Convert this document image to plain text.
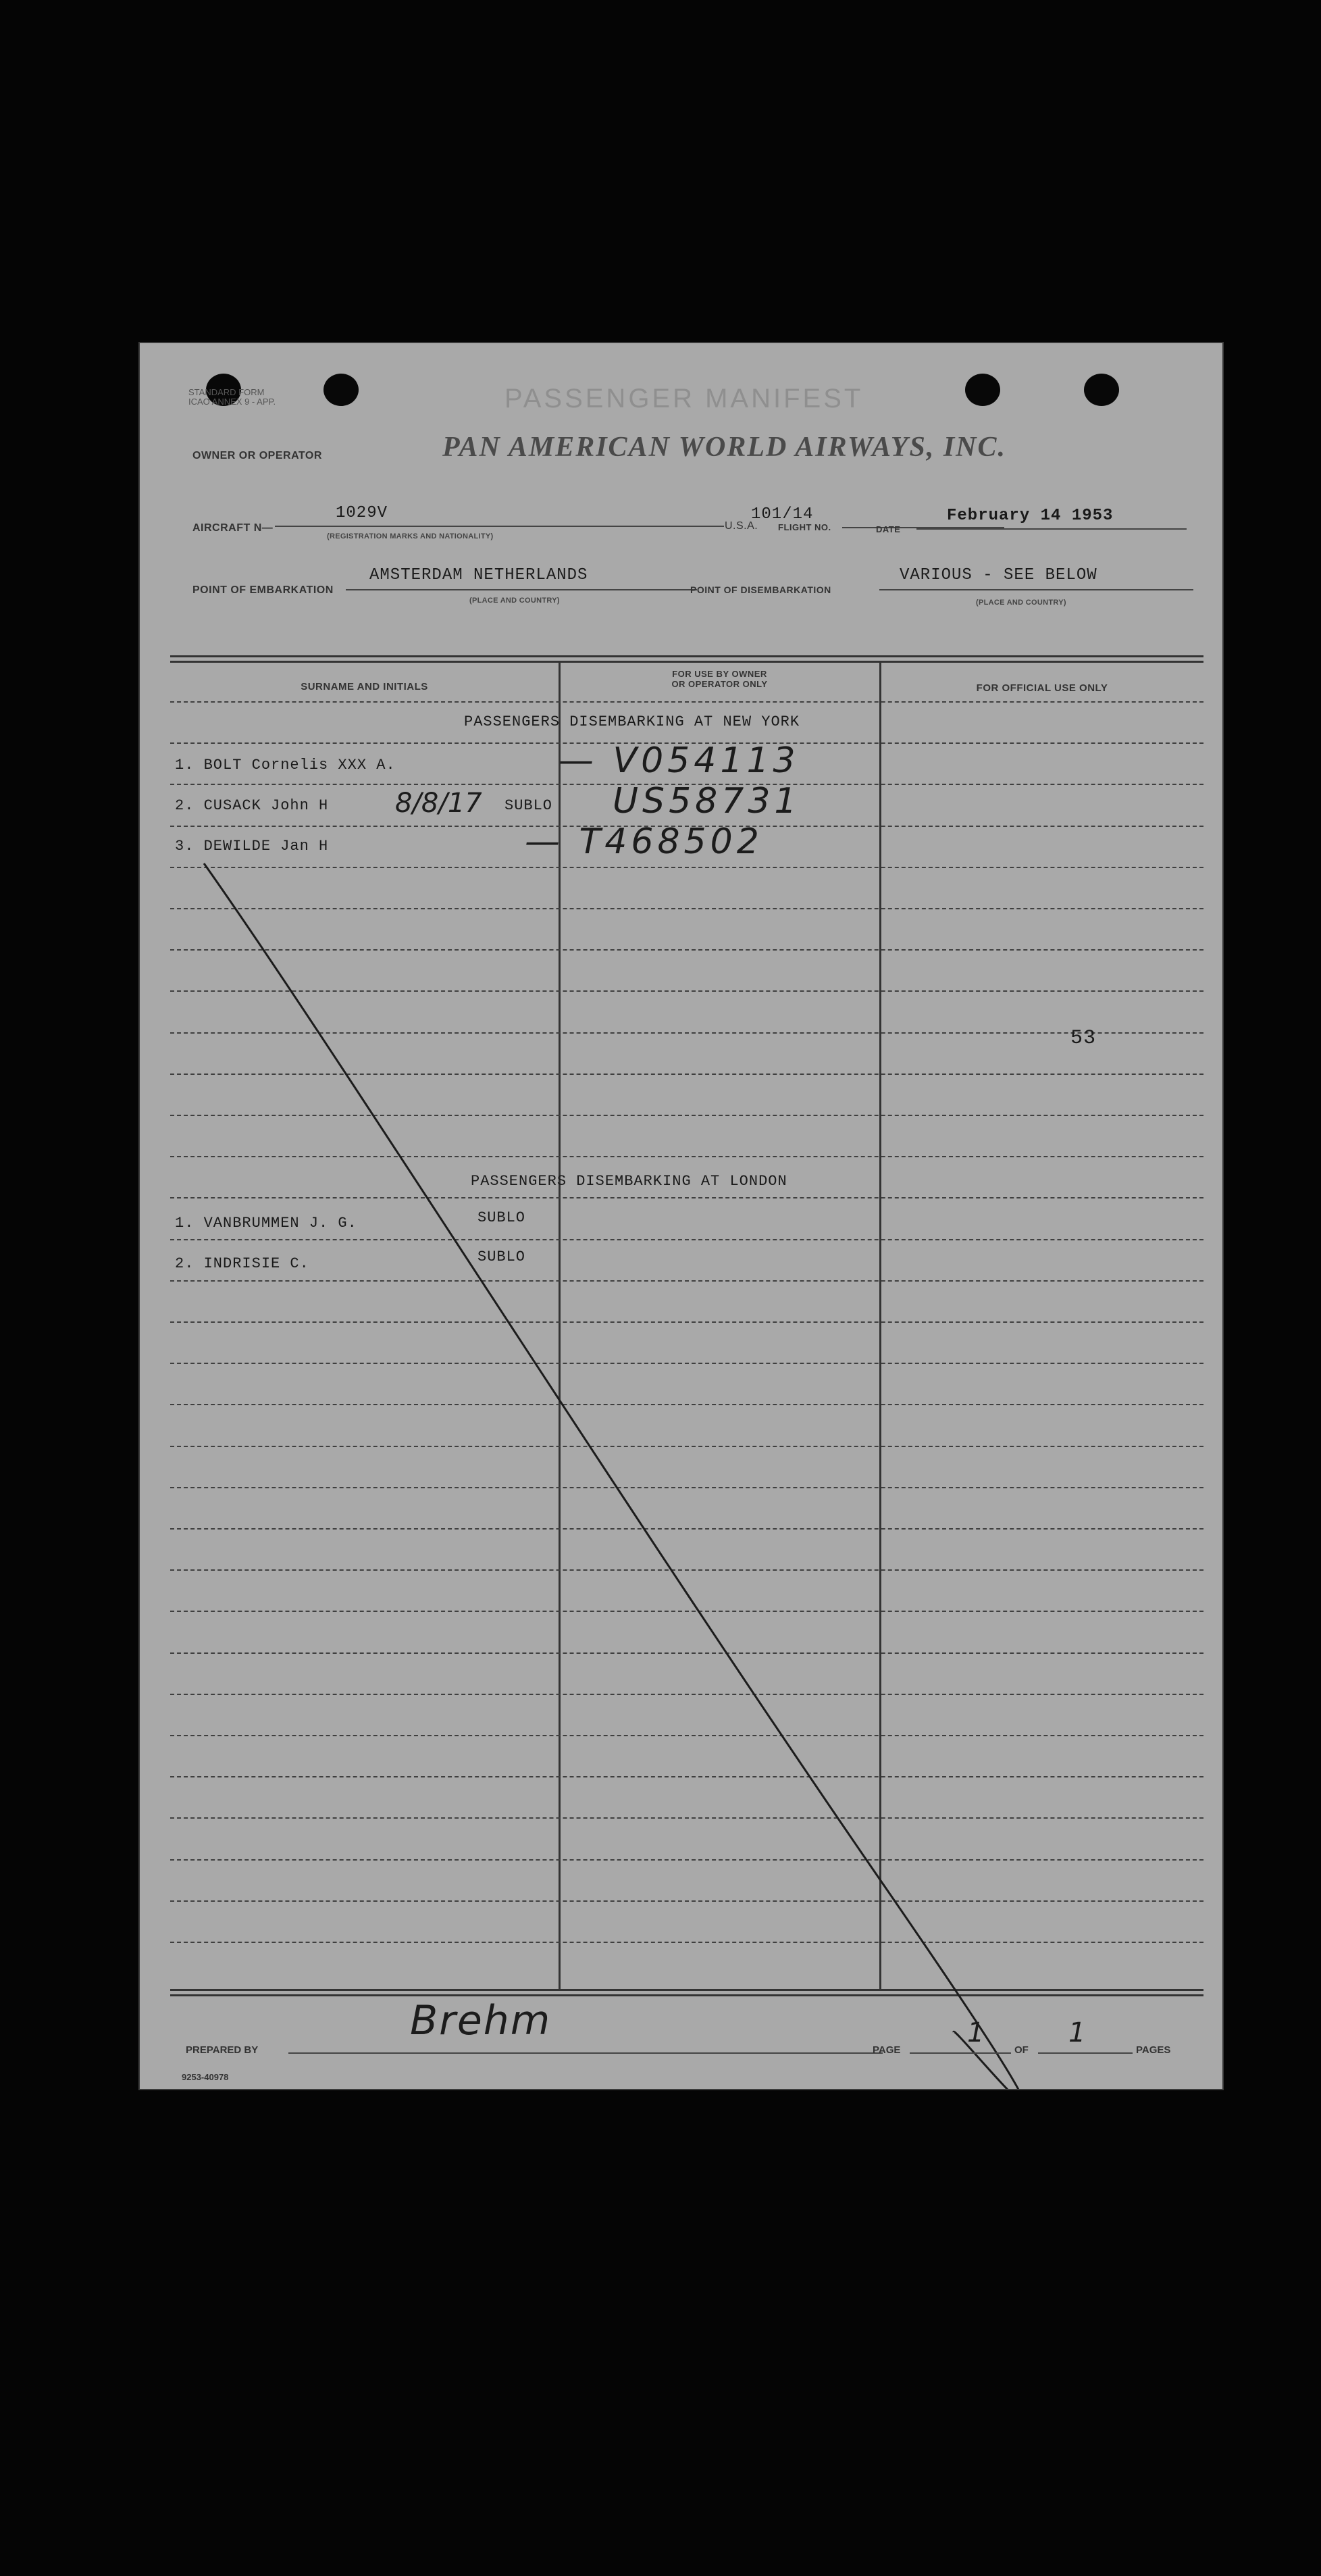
STANDARD FORM
ICAO ANNEX 9 - APP.	PASSENGER MANIFEST
OWNER OR OPERATOR	PAN AMERICAN WORLD AIRWAYS, INC.
AIRCRAFT N—
1029V
(REGISTRATION MARKS AND NATIONALITY)
U.S.A. FLIGHT NO.
101/14
DATE
February 14 1953
POINT OF EMBARKATION
AMSTERDAM NETHERLANDS
(PLACE AND COUNTRY)
POINT OF DISEMBARKATION
VARIOUS - SEE BELOW
(PLACE AND COUNTRY)
SURNAME AND INITIALS
FOR USE BY OWNER
OR OPERATOR ONLY	FOR OFFICIAL USE ONLY
PASSENGERS DISEMBARKING AT NEW YORK
1. BOLT Cornelis XXX A.	— V054113
2. CUSACK John H 8/8/17 SUBLO US58731
3. DEWILDE Jan H	— T468502
53
PASSENGERS DISEMBARKING AT LONDON
1. VANBRUMMEN J. G.	SUBLO
2. INDRISIE C.	SUBLO
PREPARED BY
Brehm
PAGE
1
OF
1
PAGES
9253-40978
